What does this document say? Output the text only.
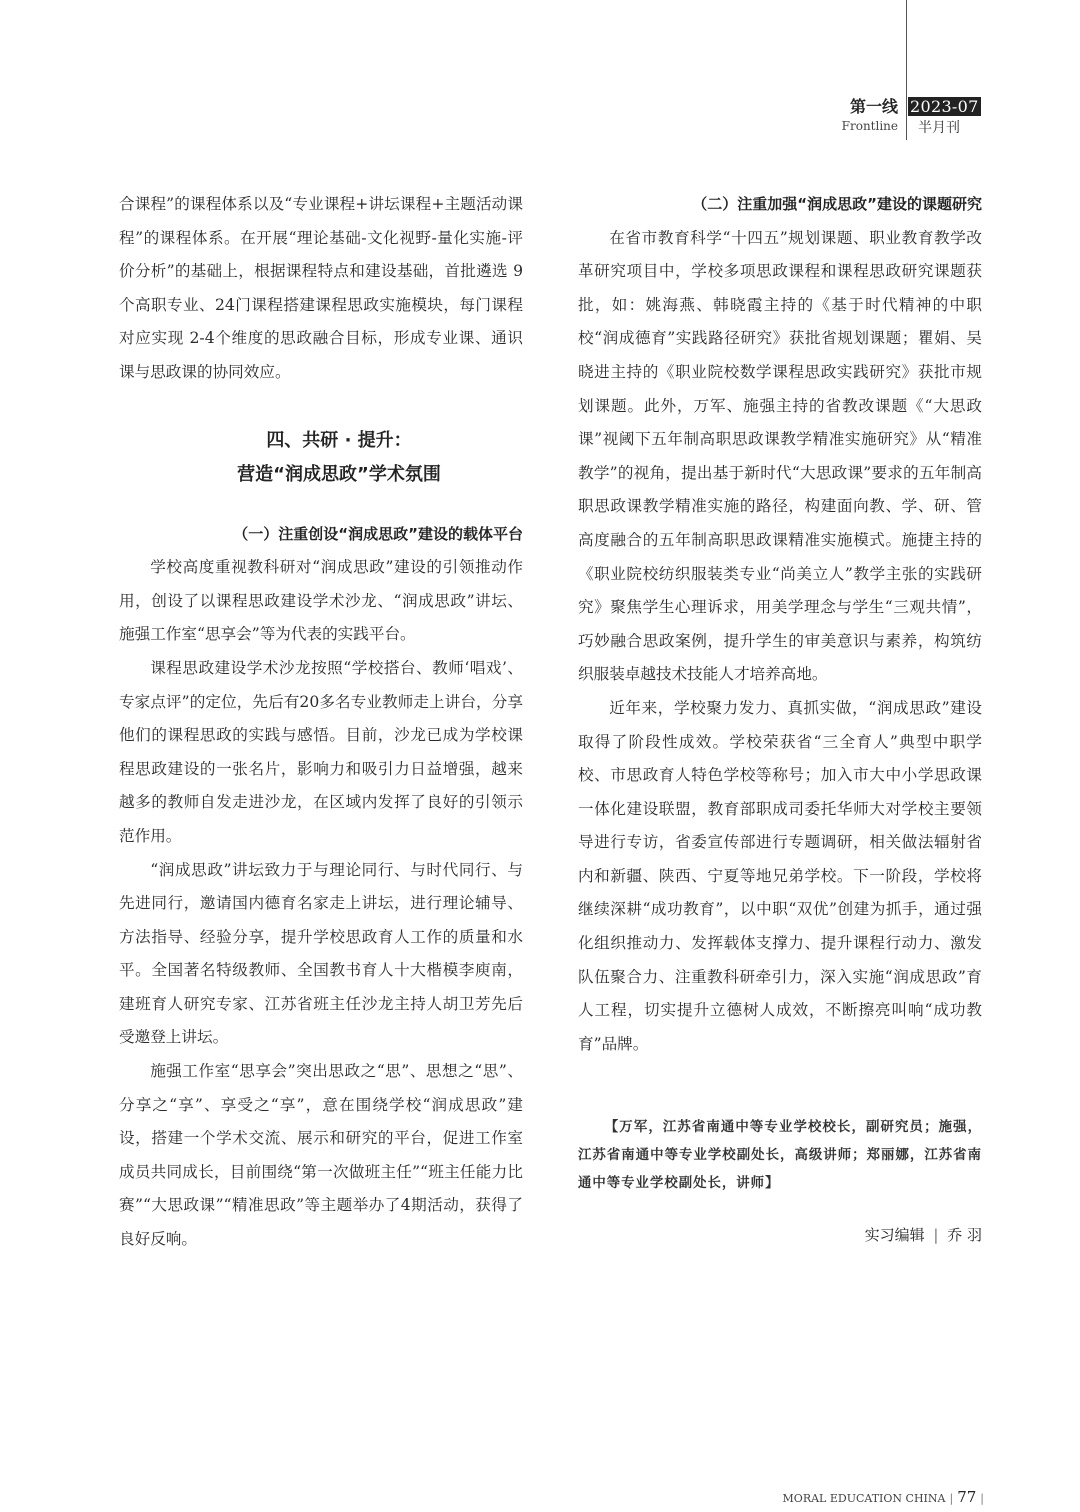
第一线
Frontline
2023-07
半月刊

合课程”的课程体系以及“专业课程+讲坛课程+主题活动课程”的课程体系。在开展“理论基础-文化视野-量化实施-评价分析”的基础上，根据课程特点和建设基础，首批遴选 9个高职专业、24门课程搭建课程思政实施模块，每门课程对应实现 2-4个维度的思政融合目标，形成专业课、通识课与思政课的协同效应。

四、共研 · 提升：

营造“润成思政”学术氛围

（一）注重创设“润成思政”建设的载体平台

学校高度重视教科研对“润成思政”建设的引领推动作用，创设了以课程思政建设学术沙龙、“润成思政”讲坛、施强工作室“思享会”等为代表的实践平台。

课程思政建设学术沙龙按照“学校搭台、教师‘唱戏’、专家点评”的定位，先后有20多名专业教师走上讲台，分享他们的课程思政的实践与感悟。目前，沙龙已成为学校课程思政建设的一张名片，影响力和吸引力日益增强，越来越多的教师自发走进沙龙，在区域内发挥了良好的引领示范作用。

“润成思政”讲坛致力于与理论同行、与时代同行、与先进同行，邀请国内德育名家走上讲坛，进行理论辅导、方法指导、经验分享，提升学校思政育人工作的质量和水平。全国著名特级教师、全国教书育人十大楷模李庾南，建班育人研究专家、江苏省班主任沙龙主持人胡卫芳先后受邀登上讲坛。

施强工作室“思享会”突出思政之“思”、思想之“思”、分享之“享”、享受之“享”，意在围绕学校“润成思政”建设，搭建一个学术交流、展示和研究的平台，促进工作室成员共同成长，目前围绕“第一次做班主任”“班主任能力比赛”“大思政课”“精准思政”等主题举办了4期活动，获得了良好反响。

（二）注重加强“润成思政”建设的课题研究

在省市教育科学“十四五”规划课题、职业教育教学改革研究项目中，学校多项思政课程和课程思政研究课题获批，如：姚海燕、韩晓霞主持的《基于时代精神的中职校“润成德育”实践路径研究》获批省规划课题；瞿娟、吴晓进主持的《职业院校数学课程思政实践研究》获批市规划课题。此外，万军、施强主持的省教改课题《“大思政课”视阈下五年制高职思政课教学精准实施研究》从“精准教学”的视角，提出基于新时代“大思政课”要求的五年制高职思政课教学精准实施的路径，构建面向教、学、研、管高度融合的五年制高职思政课精准实施模式。施捷主持的《职业院校纺织服装类专业“尚美立人”教学主张的实践研究》聚焦学生心理诉求，用美学理念与学生“三观共情”，巧妙融合思政案例，提升学生的审美意识与素养，构筑纺织服装卓越技术技能人才培养高地。

近年来，学校聚力发力、真抓实做，“润成思政”建设取得了阶段性成效。学校荣获省“三全育人”典型中职学校、市思政育人特色学校等称号；加入市大中小学思政课一体化建设联盟，教育部职成司委托华师大对学校主要领导进行专访，省委宣传部进行专题调研，相关做法辐射省内和新疆、陕西、宁夏等地兄弟学校。下一阶段，学校将继续深耕“成功教育”，以中职“双优”创建为抓手，通过强化组织推动力、发挥载体支撑力、提升课程行动力、激发队伍聚合力、注重教科研牵引力，深入实施“润成思政”育人工程，切实提升立德树人成效，不断擦亮叫响“成功教育”品牌。

【万军，江苏省南通中等专业学校校长，副研究员；施强，江苏省南通中等专业学校副处长，高级讲师；郑丽娜，江苏省南通中等专业学校副处长，讲师】
实习编辑 | 乔 羽
MORAL EDUCATION CHINA | 77 |
